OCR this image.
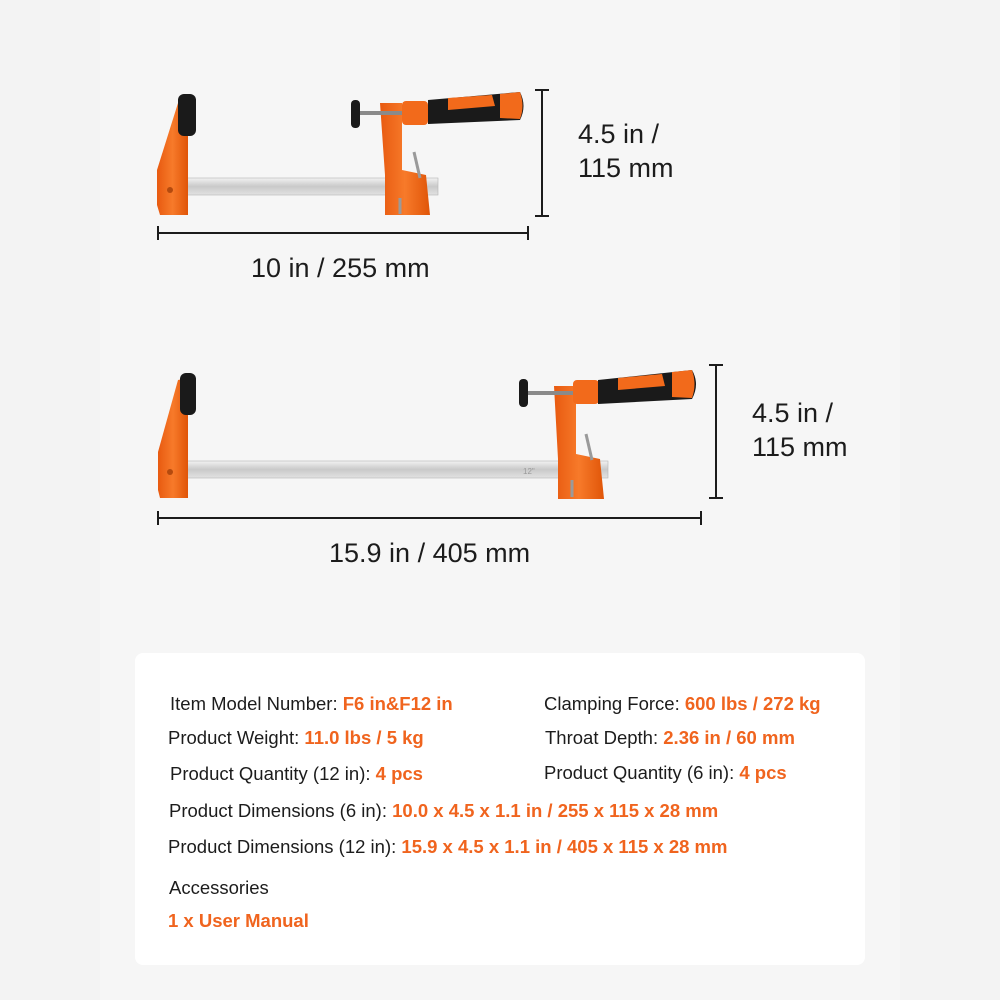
12"
4.5 in /
115 mm
10 in / 255 mm
4.5 in /
115 mm
15.9 in / 405 mm
Item Model Number: F6 in&F12 in	Clamping Force: 600 lbs / 272 kg
Product Weight: 11.0 lbs / 5 kg	Throat Depth: 2.36 in / 60 mm
Product Quantity (12 in): 4 pcs	Product Quantity (6 in): 4 pcs
Product Dimensions (6 in): 10.0 x 4.5 x 1.1 in / 255 x 115 x 28 mm
Product Dimensions (12 in): 15.9 x 4.5 x 1.1 in / 405 x 115 x 28 mm
Accessories
1 x User Manual
